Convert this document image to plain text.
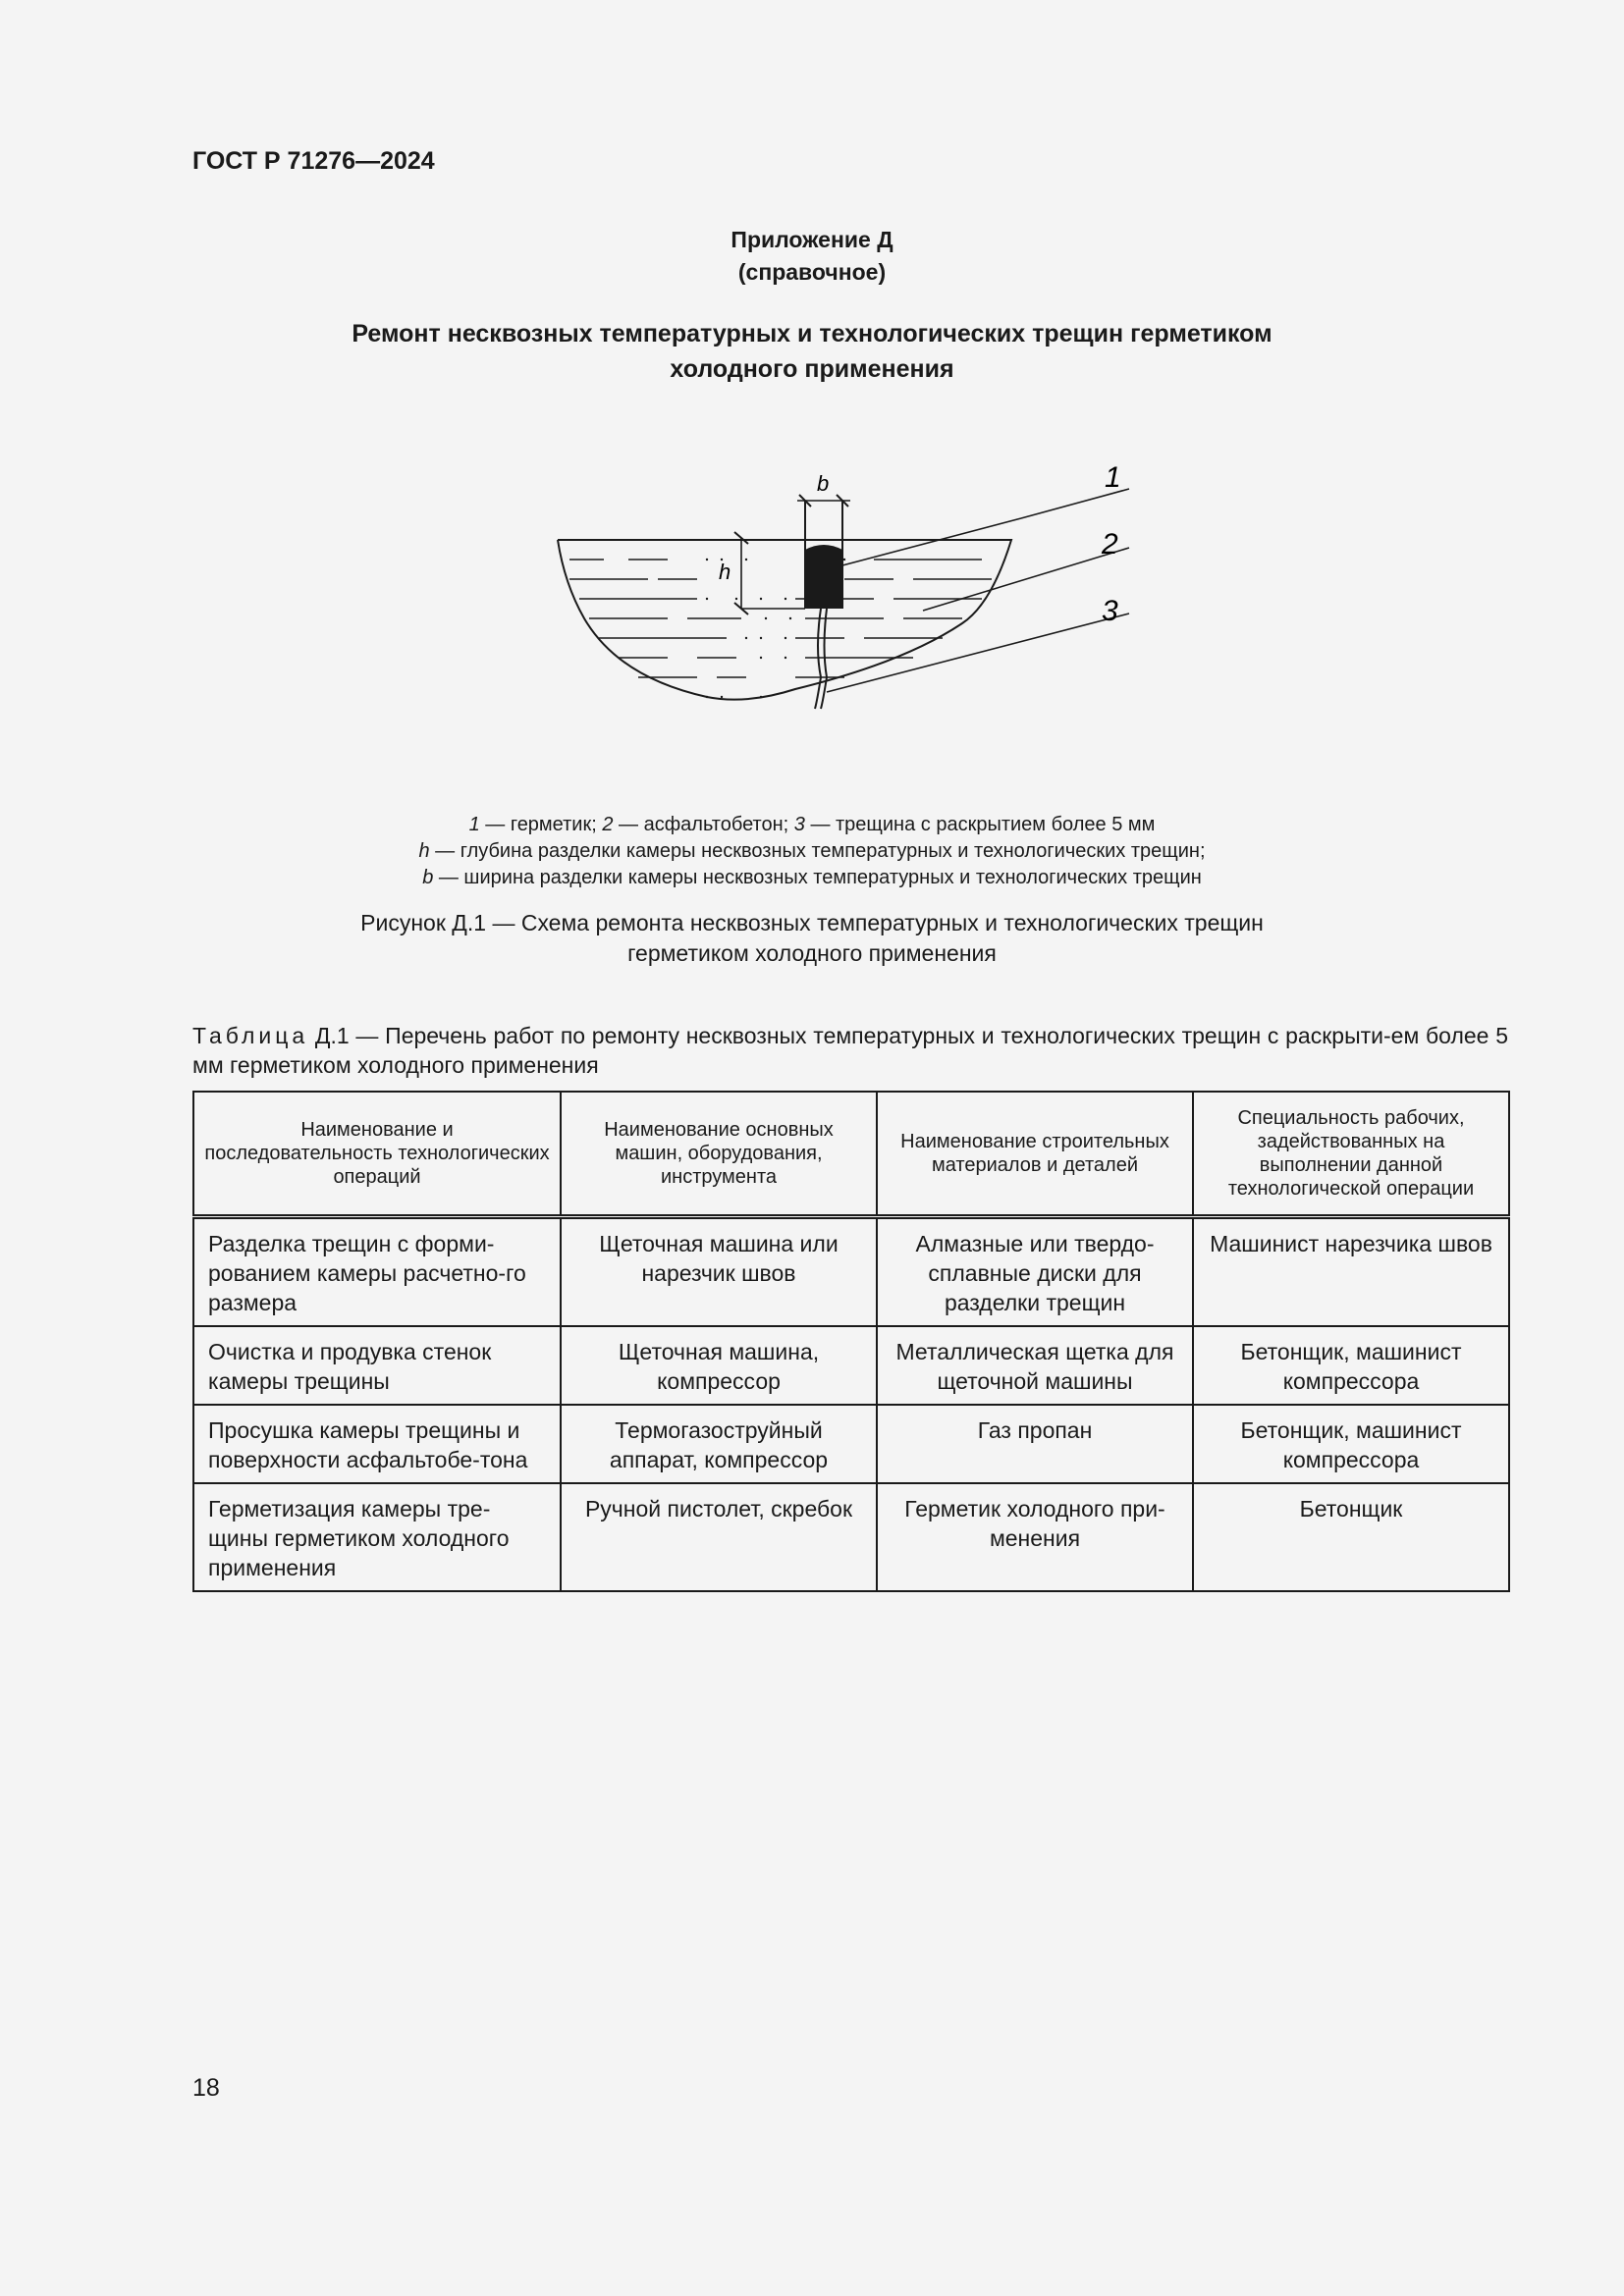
ГОСТ Р 71276—2024
Приложение Д
(справочное)
Ремонт несквозных температурных и технологических трещин герметиком
холодного применения
b
h
1
2
3
1 — герметик; 2 — асфальтобетон; 3 — трещина с раскрытием более 5 мм
h — глубина разделки камеры несквозных температурных и технологических трещин;
b — ширина разделки камеры несквозных температурных и технологических трещин
Рисунок Д.1 — Схема ремонта несквозных температурных и технологических трещин
герметиком холодного применения
Таблица Д.1 — Перечень работ по ремонту несквозных температурных и технологических трещин с раскрыти-ем более 5 мм герметиком холодного применения
Наименование и последовательность технологических операций	Наименование основных машин, оборудования, инструмента	Наименование строительных материалов и деталей	Специальность рабочих, задействованных на выполнении данной технологической операции
Разделка трещин с форми-рованием камеры расчетно-го размера	Щеточная машина или нарезчик швов	Алмазные или твердо-сплавные диски для разделки трещин	Машинист нарезчика швов
Очистка и продувка стенок камеры трещины	Щеточная машина, компрессор	Металлическая щетка для щеточной машины	Бетонщик, машинист компрессора
Просушка камеры трещины и поверхности асфальтобе-тона	Термогазоструйный аппарат, компрессор	Газ пропан	Бетонщик, машинист компрессора
Герметизация камеры тре-щины герметиком холодного применения	Ручной пистолет, скребок	Герметик холодного при-менения	Бетонщик
18
